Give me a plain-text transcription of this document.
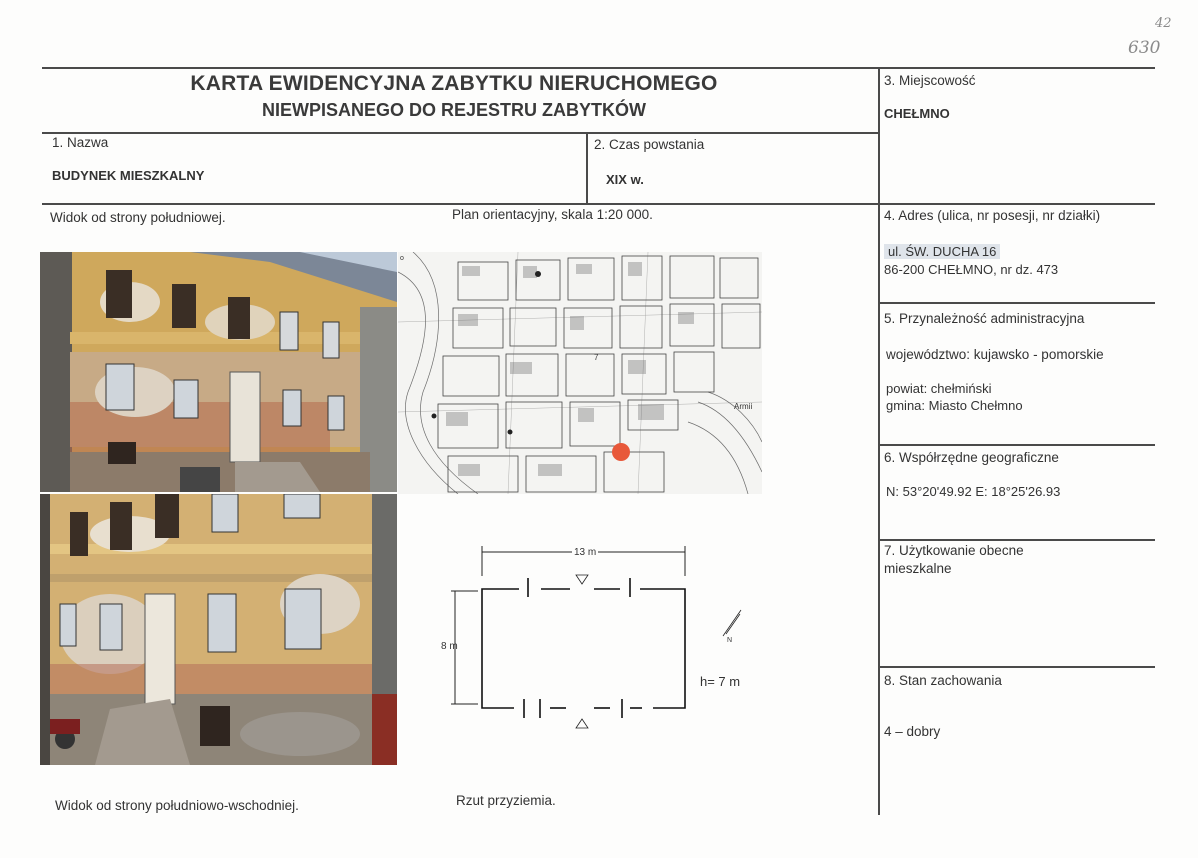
42
630
KARTA EWIDENCYJNA ZABYTKU NIERUCHOMEGO
NIEWPISANEGO DO REJESTRU ZABYTKÓW
1. Nazwa
BUDYNEK MIESZKALNY
2. Czas powstania
XIX w.
3. Miejscowość
CHEŁMNO
4. Adres (ulica, nr posesji, nr działki)
ul. ŚW. DUCHA 16
86-200 CHEŁMNO, nr dz. 473
5. Przynależność administracyjna
województwo: kujawsko - pomorskie
powiat: chełmiński
gmina: Miasto Chełmno
6. Współrzędne geograficzne
N: 53°20'49.92 E: 18°25'26.93
7. Użytkowanie obecne
mieszkalne
8. Stan zachowania
4 – dobry
Widok od strony południowej.	Plan orientacyjny, skala 1:20 000.
Widok od strony południowo-wschodniej.	Rzut przyziemia.
7
Armii
o
N
13 m
8 m
h= 7 m
